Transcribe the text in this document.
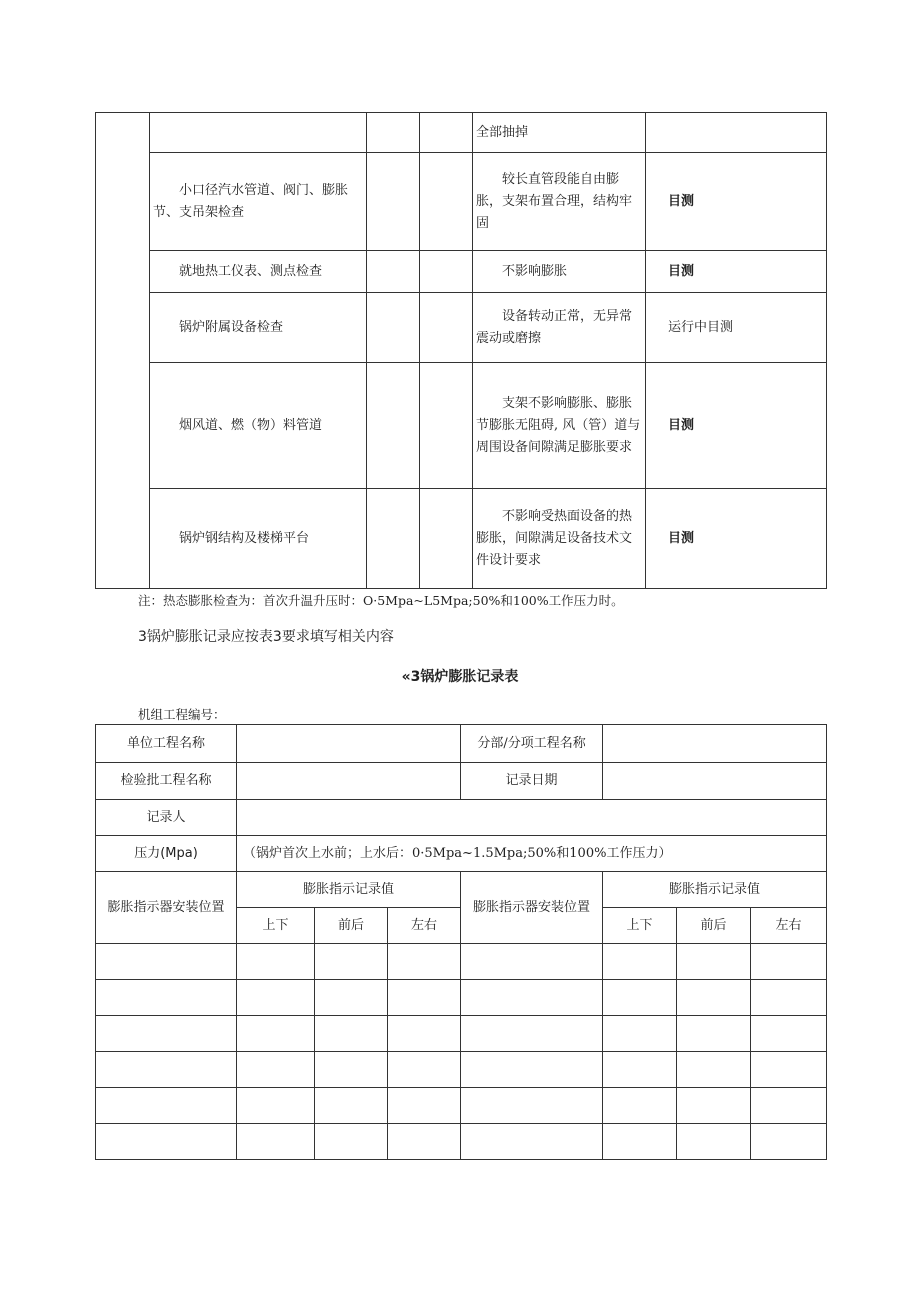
				全部抽掉	
	小口径汽水管道、阀门、膨胀节、支吊架检查			较长直管段能自由膨胀，支架布置合理，结构牢固	目测
	就地热工仪表、测点检查			不影响膨胀	目测
	锅炉附属设备检查			设备转动正常，无异常震动或磨擦	运行中目测
	烟风道、燃（物）料管道			支架不影响膨胀、膨胀节膨胀无阻碍, 风（管）道与周围设备间隙满足膨胀要求	目测
	锅炉钢结构及楼梯平台			不影响受热面设备的热膨胀，间隙满足设备技术文件设计要求	目测
注：热态膨胀检查为：首次升温升压时：O·5Mpa~L5Mpa;50%和100%工作压力时。
3锅炉膨胀记录应按表3要求填写相关内容
«3锅炉膨胀记录表
机组工程编号：
单位工程名称				分部/分项工程名称			
检验批工程名称				记录日期			
记录人							
压力(Mpa)	（锅炉首次上水前；上水后：0·5Mpa~1.5Mpa;50%和100%工作压力）						
膨胀指示器安装位置	膨胀指示记录值			膨胀指示器安装位置	膨胀指示记录值		
	上下	前后	左右		上下	前后	左右
